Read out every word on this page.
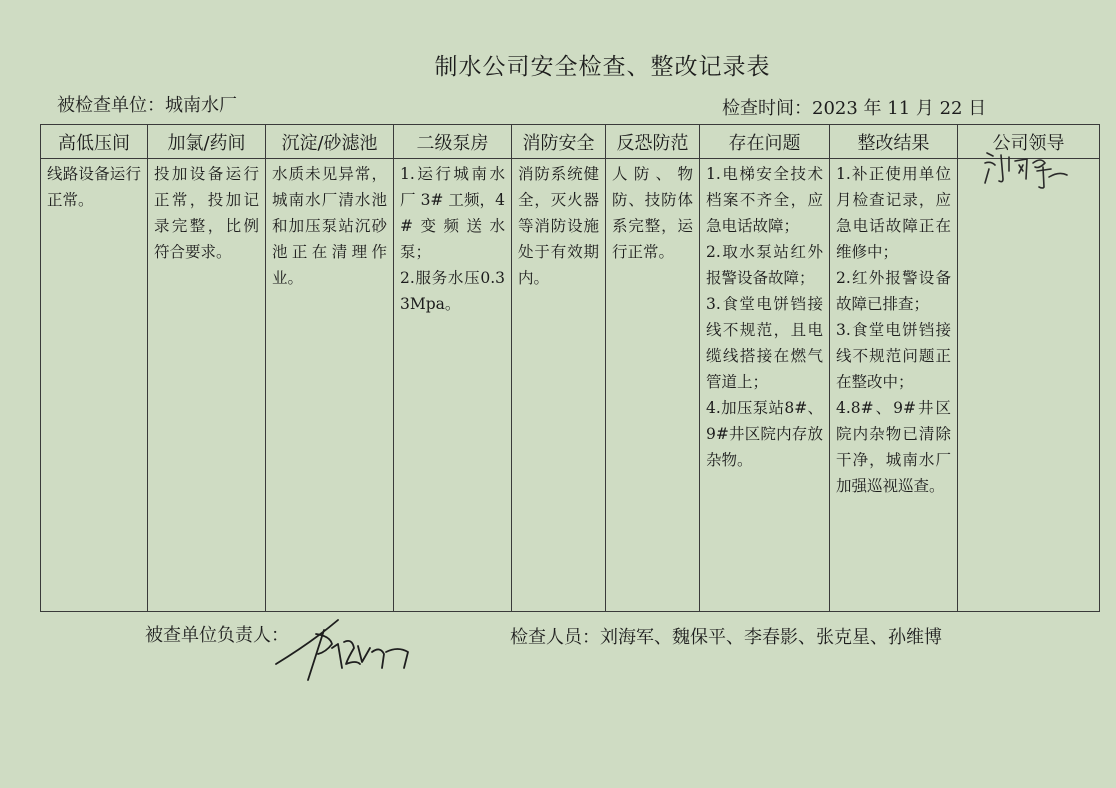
制水公司安全检查、整改记录表
被检查单位：城南水厂	检查时间：2023 年 11 月 22 日
高低压间	加氯/药间	沉淀/砂滤池	二级泵房	消防安全	反恐防范	存在问题	整改结果	公司领导

线路设备运行正常。	投加设备运行正常，投加记录完整，比例符合要求。	水质未见异常，城南水厂清水池和加压泵站沉砂池正在清理作业。	1.运行城南水厂 3# 工频，4#变频送水泵；
2.服务水压0.33Mpa。	消防系统健全，灭火器等消防设施处于有效期内。	人防、物防、技防体系完整，运行正常。	1.电梯安全技术档案不齐全，应急电话故障；
2.取水泵站红外报警设备故障；
3.食堂电饼铛接线不规范，且电缆线搭接在燃气管道上；
4.加压泵站8#、9#井区院内存放杂物。	1.补正使用单位月检查记录，应急电话故障正在维修中；
2.红外报警设备故障已排查；
3.食堂电饼铛接线不规范问题正在整改中；
4.8#、9#井区院内杂物已清除干净，城南水厂加强巡视巡查。

被查单位负责人：	检查人员：刘海军、魏保平、李春影、张克星、孙维博
